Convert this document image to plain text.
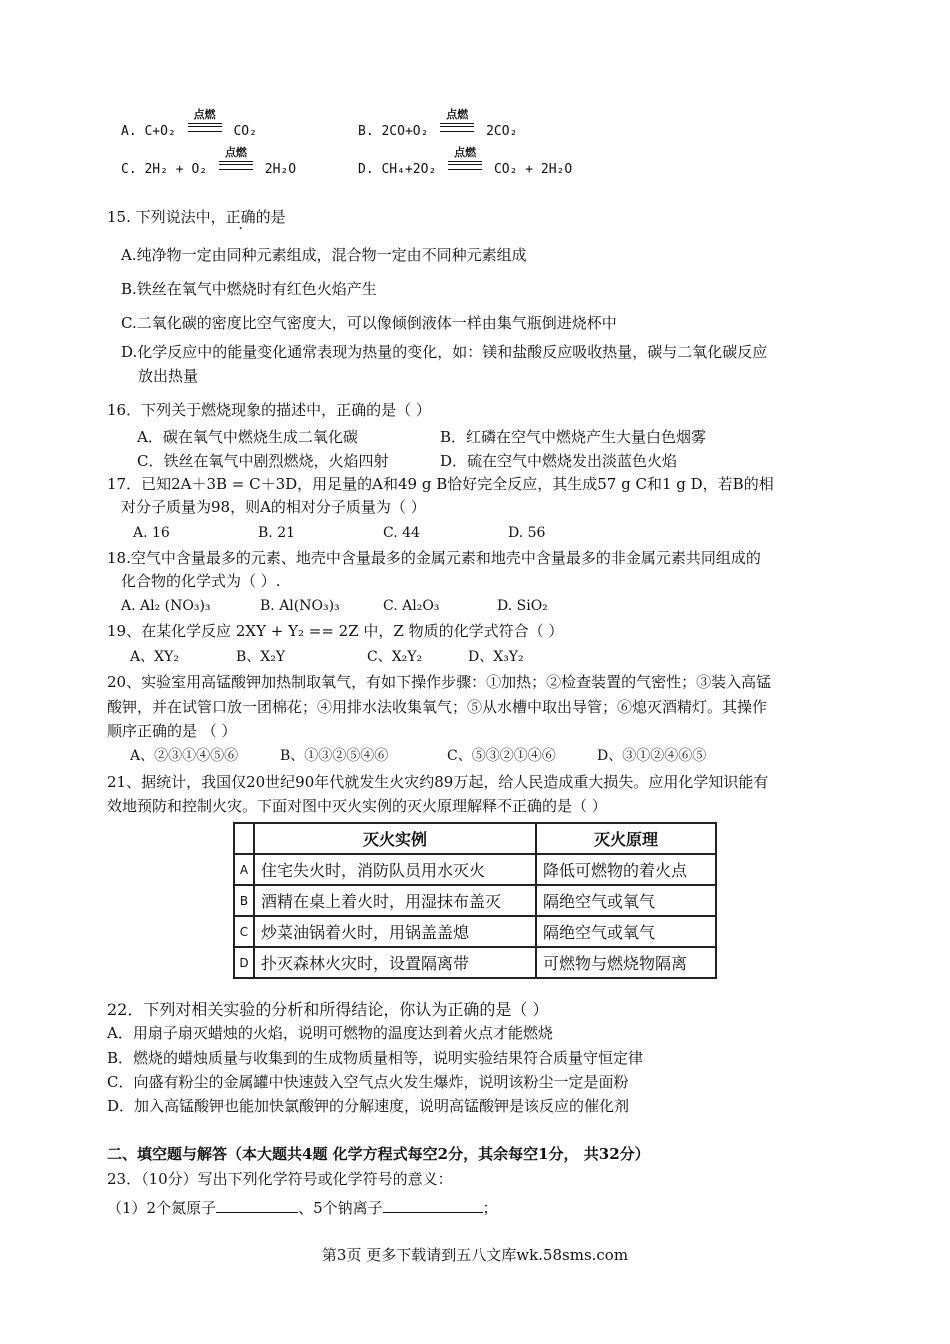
A. C+O₂
点燃
CO₂	B. 2CO+O₂
点燃
2CO₂
C. 2H₂ + O₂
点燃
2H₂O	D. CH₄+2O₂
点燃
CO₂ + 2H₂O
15. 下列说法中，正确的是
A.纯净物一定由同种元素组成，混合物一定由不同种元素组成
B.铁丝在氧气中燃烧时有红色火焰产生
C.二氧化碳的密度比空气密度大，可以像倾倒液体一样由集气瓶倒进烧杯中
D.化学反应中的能量变化通常表现为热量的变化，如：镁和盐酸反应吸收热量，碳与二氧化碳反应
放出热量
16．下列关于燃烧现象的描述中，正确的是（ ）
A．碳在氧气中燃烧生成二氧化碳	B．红磷在空气中燃烧产生大量白色烟雾
C．铁丝在氧气中剧烈燃烧，火焰四射	D．硫在空气中燃烧发出淡蓝色火焰
17．已知2A＋3B = C＋3D，用足量的A和49 g B恰好完全反应，其生成57 g C和1 g D，若B的相
对分子质量为98，则A的相对分子质量为（ ）
A. 16	B. 21	C. 44	D. 56
18.空气中含量最多的元素、地壳中含量最多的金属元素和地壳中含量最多的非金属元素共同组成的
化合物的化学式为（ ）.
A. Al₂ (NO₃)₃	B. Al(NO₃)₃	C. Al₂O₃	D. SiO₂
19、在某化学反应 2XY + Y₂ == 2Z 中，Z 物质的化学式符合（ ）
A、XY₂	B、X₂Y	C、X₂Y₂	D、X₃Y₂
20、实验室用高锰酸钾加热制取氧气，有如下操作步骤：①加热；②检查装置的气密性；③装入高锰
酸钾，并在试管口放一团棉花；④用排水法收集氧气；⑤从水槽中取出导管；⑥熄灭酒精灯。其操作
顺序正确的是 （ ）
A、②③①④⑤⑥	B、①③②⑤④⑥	C、⑤③②①④⑥	D、③①②④⑥⑤
21、据统计，我国仅20世纪90年代就发生火灾约89万起，给人民造成重大损失。应用化学知识能有
效地预防和控制火灾。下面对图中灭火实例的灭火原理解释不正确的是（ ）
	灭火实例	灭火原理
A	住宅失火时，消防队员用水灭火	降低可燃物的着火点
B	酒精在桌上着火时，用湿抹布盖灭	隔绝空气或氧气
C	炒菜油锅着火时，用锅盖盖熄	隔绝空气或氧气
D	扑灭森林火灾时，设置隔离带	可燃物与燃烧物隔离
22．下列对相关实验的分析和所得结论，你认为正确的是（ ）
A．用扇子扇灭蜡烛的火焰，说明可燃物的温度达到着火点才能燃烧
B．燃烧的蜡烛质量与收集到的生成物质量相等，说明实验结果符合质量守恒定律
C．向盛有粉尘的金属罐中快速鼓入空气点火发生爆炸，说明该粉尘一定是面粉
D．加入高锰酸钾也能加快氯酸钾的分解速度，说明高锰酸钾是该反应的催化剂
二、填空题与解答（本大题共4题 化学方程式每空2分，其余每空1分， 共32分）
23．（10分）写出下列化学符号或化学符号的意义：
（1）2个氮原子	、5个钠离子	；
第3页 更多下载请到五八文库wk.58sms.com
